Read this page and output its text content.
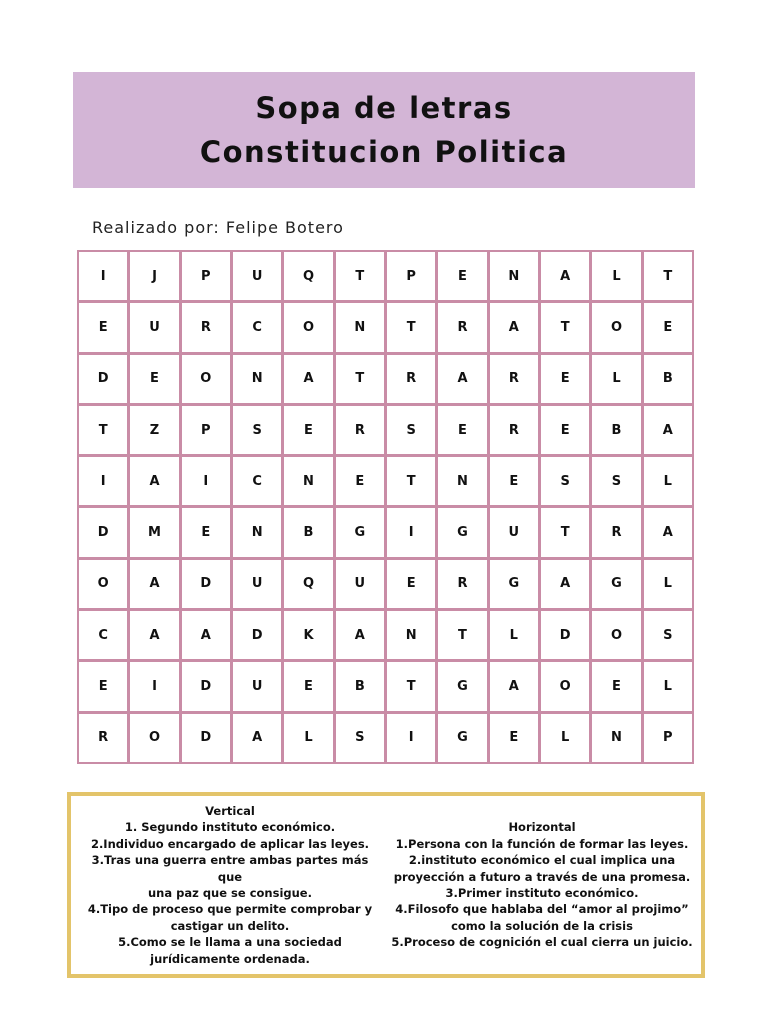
Sopa de letras
Constitucion Politica
Realizado por: Felipe Botero
I	J	P	U	Q	T	P	E	N	A	L	T
E	U	R	C	O	N	T	R	A	T	O	E
D	E	O	N	A	T	R	A	R	E	L	B
T	Z	P	S	E	R	S	E	R	E	B	A
I	A	I	C	N	E	T	N	E	S	S	L
D	M	E	N	B	G	I	G	U	T	R	A
O	A	D	U	Q	U	E	R	G	A	G	L
C	A	A	D	K	A	N	T	L	D	O	S
E	I	D	U	E	B	T	G	A	O	E	L
R	O	D	A	L	S	I	G	E	L	N	P
Vertical
1. Segundo instituto económico.
2.Individuo encargado de aplicar las leyes.
3.Tras una guerra entre ambas partes más que
una paz que se consigue.
4.Tipo de proceso que permite comprobar y
castigar un delito.
5.Como se le llama a una sociedad
jurídicamente ordenada.
Horizontal
1.Persona con la función de formar las leyes.
2.instituto económico el cual implica una
proyección a futuro a través de una promesa.
3.Primer instituto económico.
4.Filosofo que hablaba del “amor al projimo”
como la solución de la crisis
5.Proceso de cognición el cual cierra un juicio.
